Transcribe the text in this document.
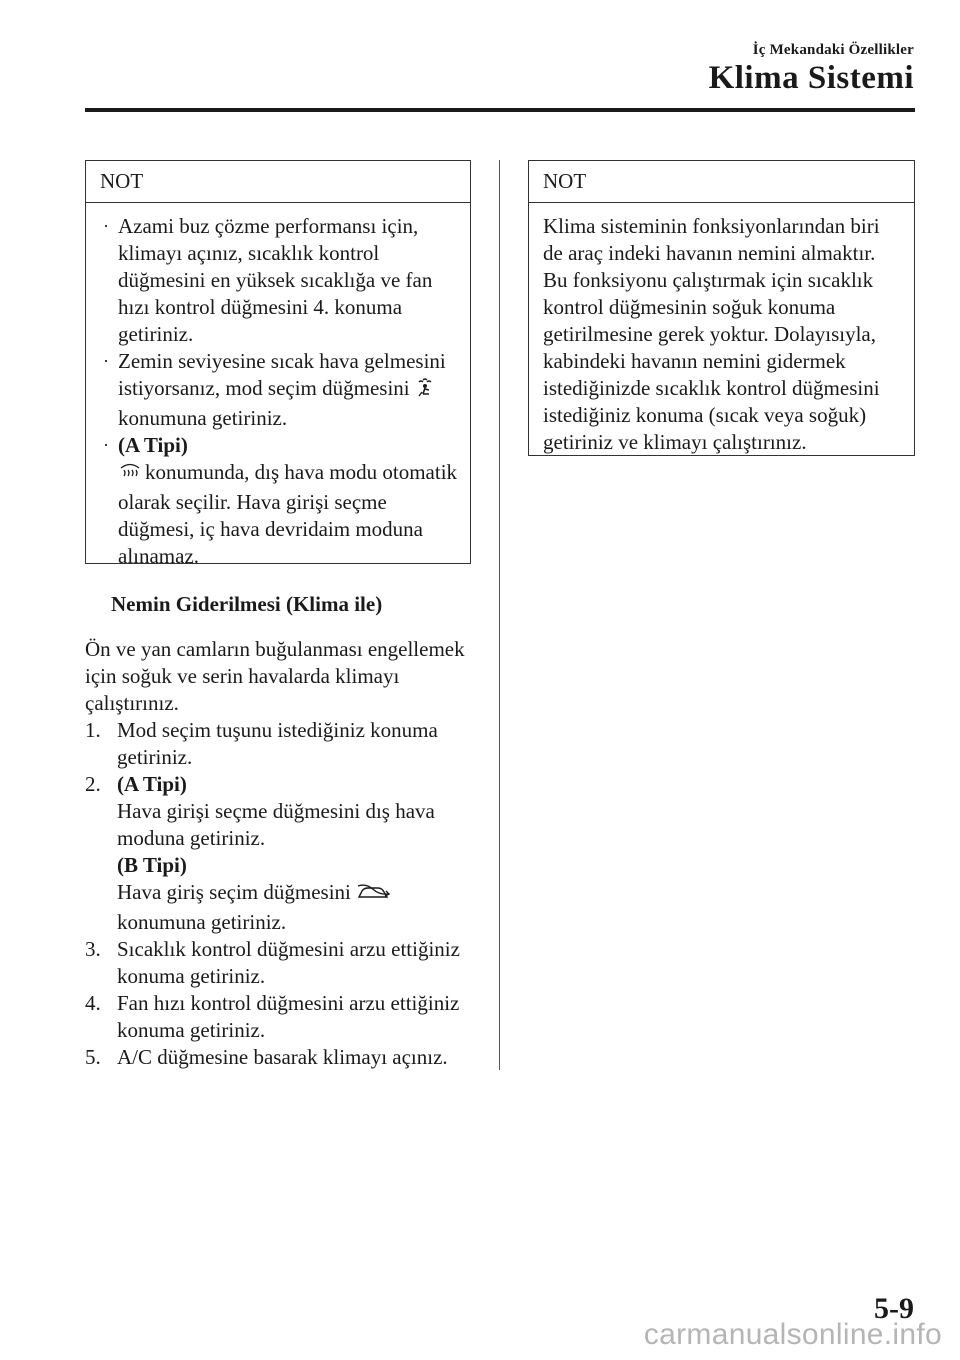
İç Mekandaki Özellikler
Klima Sistemi
NOT
· Azami buz çözme performansı için, klimayı açınız, sıcaklık kontrol düğmesini en yüksek sıcaklığa ve fan hızı kontrol düğmesini 4. konuma getiriniz.
· Zemin seviyesine sıcak hava gelmesini istiyorsanız, mod seçim düğmesini konumuna getiriniz.
· (A Tipi)
konumunda, dış hava modu otomatik olarak seçilir. Hava girişi seçme düğmesi, iç hava devridaim moduna alınamaz.
Nemin Giderilmesi (Klima ile)
Ön ve yan camların buğulanması engellemek için soğuk ve serin havalarda klimayı çalıştırınız.
1. Mod seçim tuşunu istediğiniz konuma getiriniz.
2. (A Tipi)
Hava girişi seçme düğmesini dış hava moduna getiriniz.
(B Tipi)
Hava giriş seçim düğmesini
konumuna getiriniz.
3. Sıcaklık kontrol düğmesini arzu ettiğiniz konuma getiriniz.
4. Fan hızı kontrol düğmesini arzu ettiğiniz konuma getiriniz.
5. A/C düğmesine basarak klimayı açınız.
NOT
Klima sisteminin fonksiyonlarından biri de araç indeki havanın nemini almaktır. Bu fonksiyonu çalıştırmak için sıcaklık kontrol düğmesinin soğuk konuma getirilmesine gerek yoktur. Dolayısıyla, kabindeki havanın nemini gidermek istediğinizde sıcaklık kontrol düğmesini istediğiniz konuma (sıcak veya soğuk) getiriniz ve klimayı çalıştırınız.
5-9
carmanualsonline.info
